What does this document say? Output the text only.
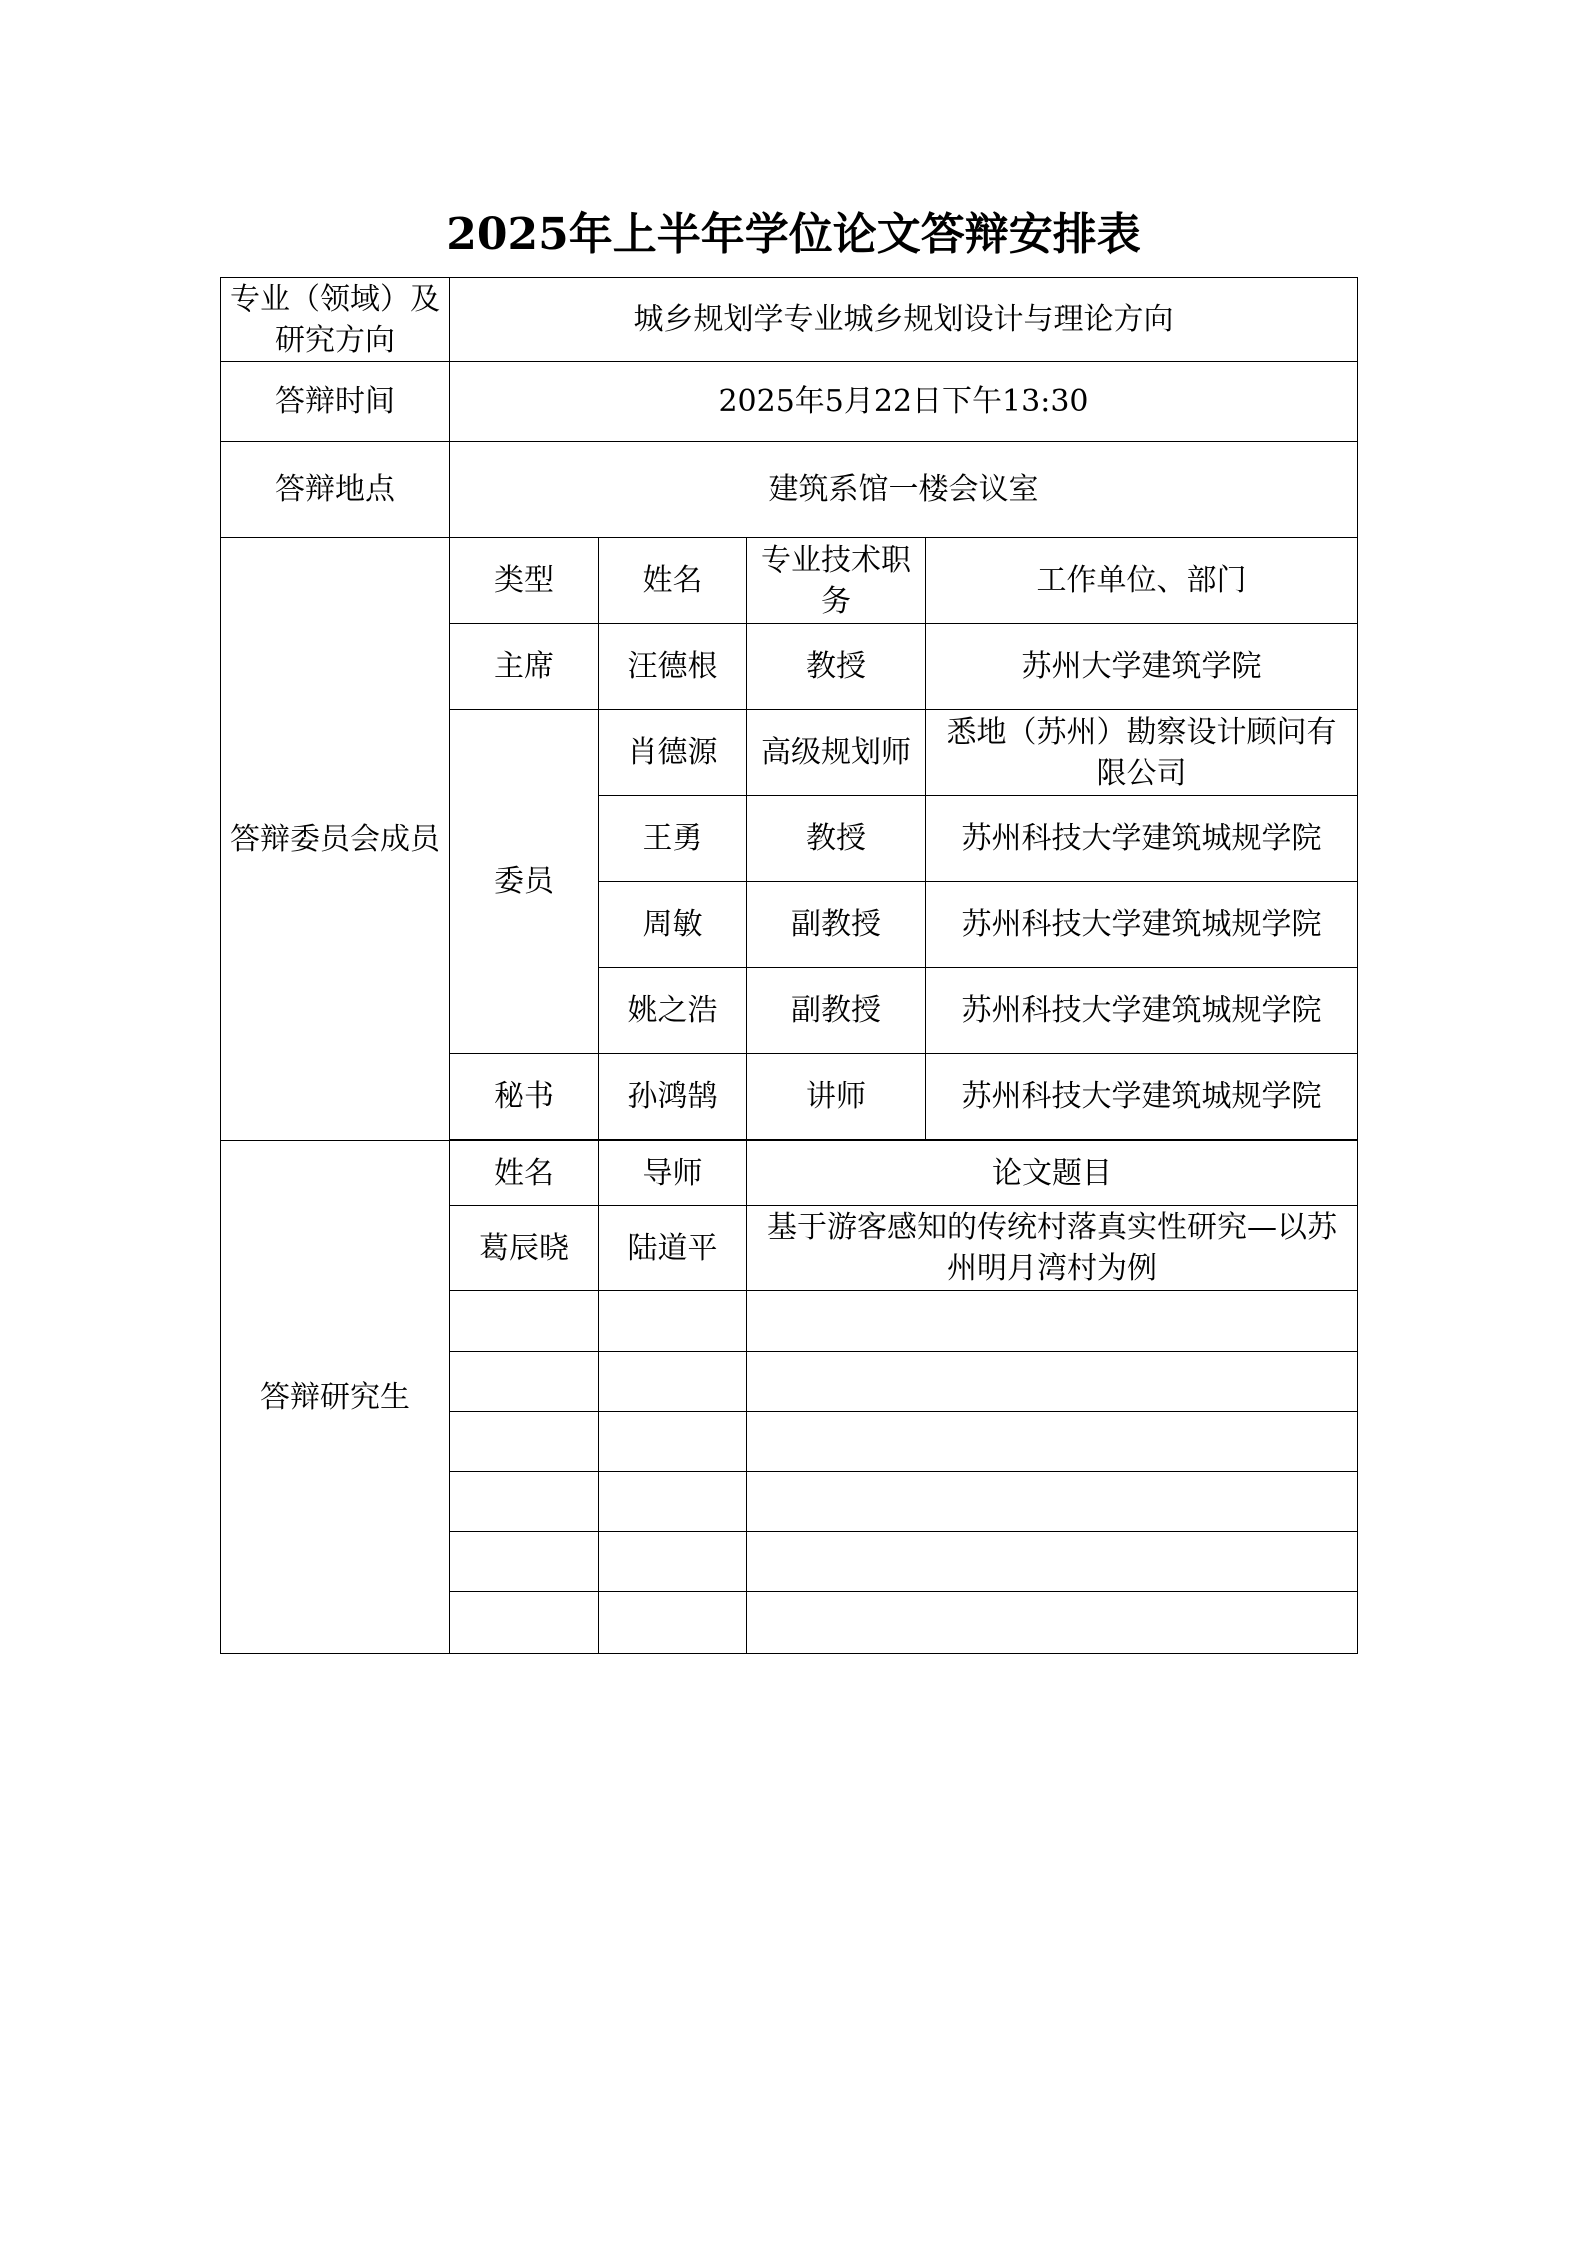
2025年上半年学位论文答辩安排表
专业（领域）及研究方向	城乡规划学专业城乡规划设计与理论方向			
答辩时间	2025年5月22日下午13:30			
答辩地点	建筑系馆一楼会议室			
答辩委员会成员	类型	姓名	专业技术职务	工作单位、部门
	主席	汪德根	教授	苏州大学建筑学院
	委员	肖德源	高级规划师	悉地（苏州）勘察设计顾问有限公司
		王勇	教授	苏州科技大学建筑城规学院
		周敏	副教授	苏州科技大学建筑城规学院
		姚之浩	副教授	苏州科技大学建筑城规学院
	秘书	孙鸿鹄	讲师	苏州科技大学建筑城规学院

答辩研究生	姓名	导师	论文题目	
	葛辰晓	陆道平	基于游客感知的传统村落真实性研究—以苏州明月湾村为例	
